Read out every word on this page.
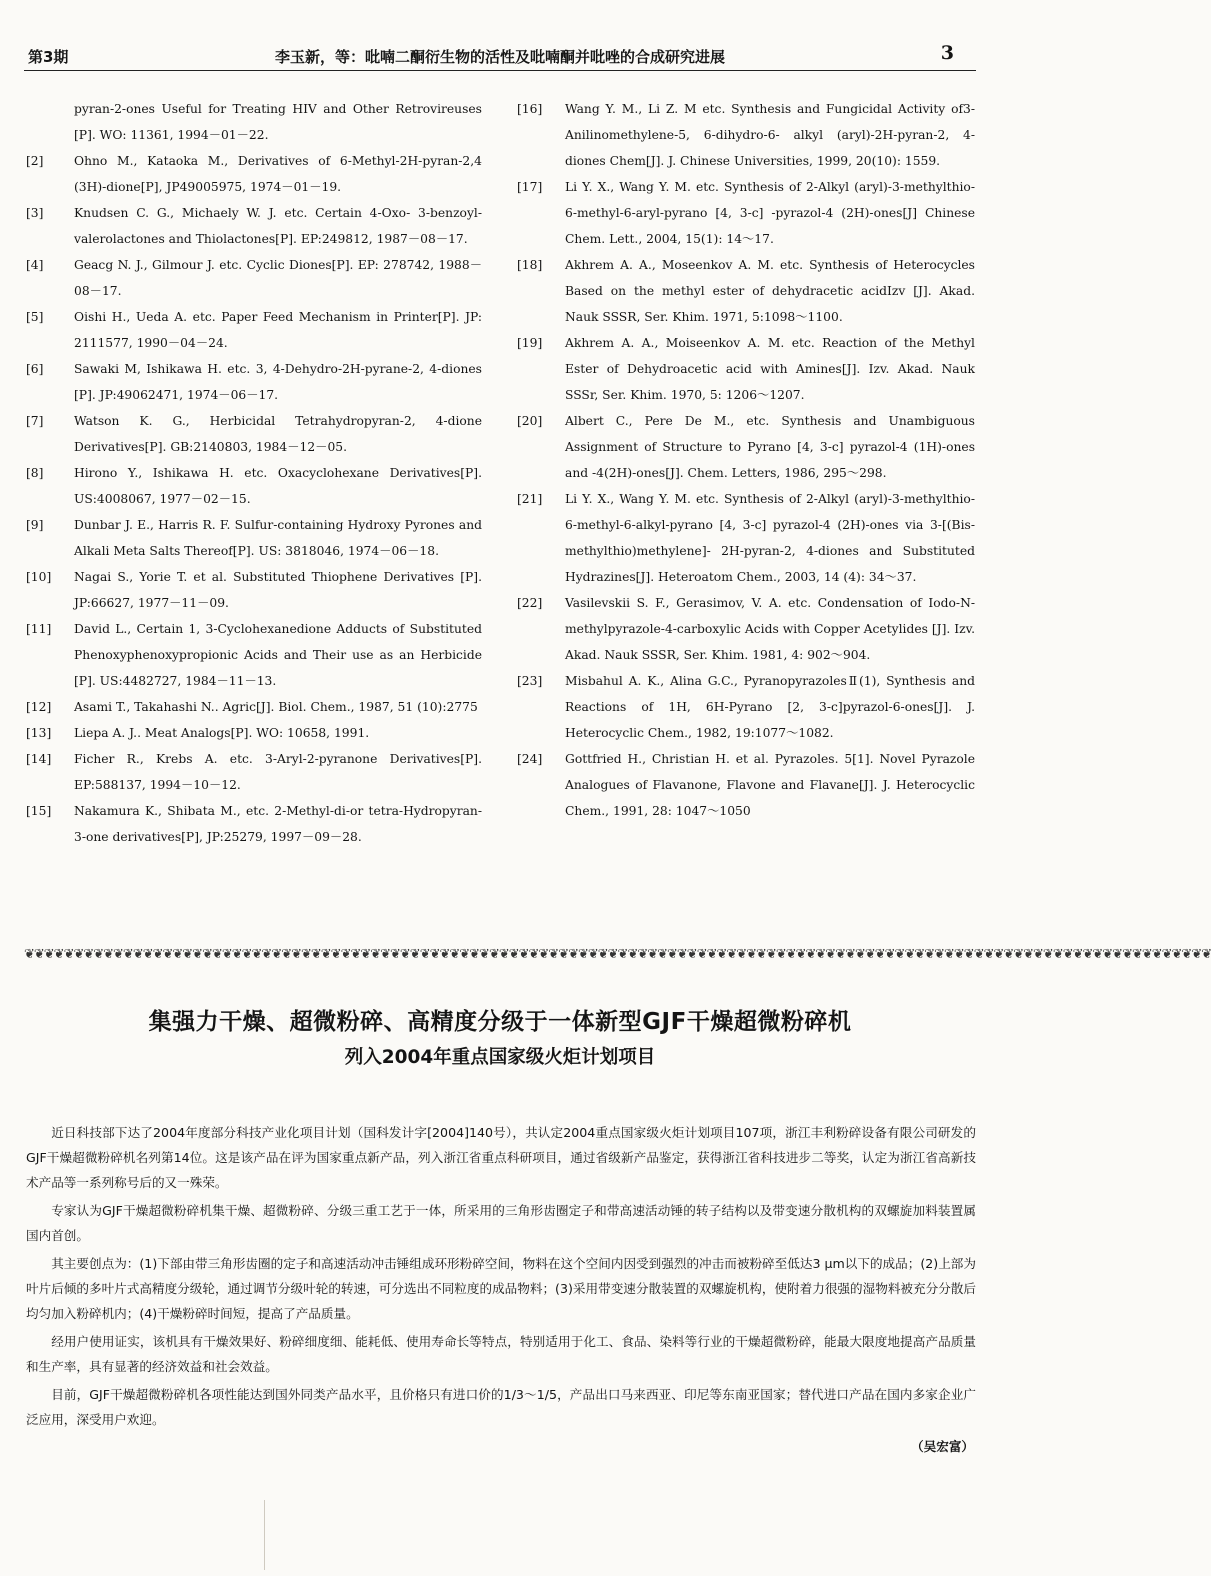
第3期	李玉新，等：吡喃二酮衍生物的活性及吡喃酮并吡唑的合成研究进展	3
pyran-2-ones Useful for Treating HIV and Other Retrovireuses [P]. WO: 11361, 1994－01－22.
[2] Ohno M., Kataoka M., Derivatives of 6-Methyl-2H-pyran-2,4 (3H)-dione[P], JP49005975, 1974－01－19.
[3] Knudsen C. G., Michaely W. J. etc. Certain 4-Oxo- 3-benzoyl-valerolactones and Thiolactones[P]. EP:249812, 1987－08－17.
[4] Geacg N. J., Gilmour J. etc. Cyclic Diones[P]. EP: 278742, 1988－08－17.
[5] Oishi H., Ueda A. etc. Paper Feed Mechanism in Printer[P]. JP: 2111577, 1990－04－24.
[6] Sawaki M, Ishikawa H. etc. 3, 4-Dehydro-2H-pyrane-2, 4-diones [P]. JP:49062471, 1974－06－17.
[7] Watson K. G., Herbicidal Tetrahydropyran-2, 4-dione Derivatives[P]. GB:2140803, 1984－12－05.
[8] Hirono Y., Ishikawa H. etc. Oxacyclohexane Derivatives[P]. US:4008067, 1977－02－15.
[9] Dunbar J. E., Harris R. F. Sulfur-containing Hydroxy Pyrones and Alkali Meta Salts Thereof[P]. US: 3818046, 1974－06－18.
[10] Nagai S., Yorie T. et al. Substituted Thiophene Derivatives [P]. JP:66627, 1977－11－09.
[11] David L., Certain 1, 3-Cyclohexanedione Adducts of Substituted Phenoxyphenoxypropionic Acids and Their use as an Herbicide [P]. US:4482727, 1984－11－13.
[12] Asami T., Takahashi N.. Agric[J]. Biol. Chem., 1987, 51 (10):2775
[13] Liepa A. J.. Meat Analogs[P]. WO: 10658, 1991.
[14] Ficher R., Krebs A. etc. 3-Aryl-2-pyranone Derivatives[P]. EP:588137, 1994－10－12.
[15] Nakamura K., Shibata M., etc. 2-Methyl-di-or tetra-Hydropyran-3-one derivatives[P], JP:25279, 1997－09－28.
[16] Wang Y. M., Li Z. M etc. Synthesis and Fungicidal Activity of3-Anilinomethylene-5, 6-dihydro-6- alkyl (aryl)-2H-pyran-2, 4-diones Chem[J]. J. Chinese Universities, 1999, 20(10): 1559.
[17] Li Y. X., Wang Y. M. etc. Synthesis of 2-Alkyl (aryl)-3-methylthio-6-methyl-6-aryl-pyrano [4, 3-c] -pyrazol-4 (2H)-ones[J] Chinese Chem. Lett., 2004, 15(1): 14～17.
[18] Akhrem A. A., Moseenkov A. M. etc. Synthesis of Heterocycles Based on the methyl ester of dehydracetic acidIzv [J]. Akad. Nauk SSSR, Ser. Khim. 1971, 5:1098～1100.
[19] Akhrem A. A., Moiseenkov A. M. etc. Reaction of the Methyl Ester of Dehydroacetic acid with Amines[J]. Izv. Akad. Nauk SSSr, Ser. Khim. 1970, 5: 1206～1207.
[20] Albert C., Pere De M., etc. Synthesis and Unambiguous Assignment of Structure to Pyrano [4, 3-c] pyrazol-4 (1H)-ones and -4(2H)-ones[J]. Chem. Letters, 1986, 295～298.
[21] Li Y. X., Wang Y. M. etc. Synthesis of 2-Alkyl (aryl)-3-methylthio-6-methyl-6-alkyl-pyrano [4, 3-c] pyrazol-4 (2H)-ones via 3-[(Bis-methylthio)methylene]- 2H-pyran-2, 4-diones and Substituted Hydrazines[J]. Heteroatom Chem., 2003, 14 (4): 34～37.
[22] Vasilevskii S. F., Gerasimov, V. A. etc. Condensation of Iodo-N-methylpyrazole-4-carboxylic Acids with Copper Acetylides [J]. Izv. Akad. Nauk SSSR, Ser. Khim. 1981, 4: 902～904.
[23] Misbahul A. K., Alina G.C., PyranopyrazolesⅡ(1), Synthesis and Reactions of 1H, 6H-Pyrano [2, 3-c]pyrazol-6-ones[J]. J. Heterocyclic Chem., 1982, 19:1077～1082.
[24] Gottfried H., Christian H. et al. Pyrazoles. 5[1]. Novel Pyrazole Analogues of Flavanone, Flavone and Flavane[J]. J. Heterocyclic Chem., 1991, 28: 1047～1050
❦❦❦❦❦❦❦❦❦❦❦❦❦❦❦❦❦❦❦❦❦❦❦❦❦❦❦❦❦❦❦❦❦❦❦❦❦❦❦❦❦❦❦❦❦❦❦❦❦❦❦❦❦❦❦❦❦❦❦❦❦❦❦❦❦❦❦❦❦❦❦❦❦❦❦❦❦❦❦❦❦❦❦❦❦❦❦❦❦❦❦❦❦❦❦❦❦❦❦❦❦❦❦❦❦❦❦❦❦❦❦❦❦❦❦❦❦❦❦❦
集强力干燥、超微粉碎、高精度分级于一体新型GJF干燥超微粉碎机
列入2004年重点国家级火炬计划项目

近日科技部下达了2004年度部分科技产业化项目计划（国科发计字[2004]140号），共认定2004重点国家级火炬计划项目107项，浙江丰利粉碎设备有限公司研发的GJF干燥超微粉碎机名列第14位。这是该产品在评为国家重点新产品，列入浙江省重点科研项目，通过省级新产品鉴定，获得浙江省科技进步二等奖，认定为浙江省高新技术产品等一系列称号后的又一殊荣。

专家认为GJF干燥超微粉碎机集干燥、超微粉碎、分级三重工艺于一体，所采用的三角形齿圈定子和带高速活动锤的转子结构以及带变速分散机构的双螺旋加料装置属国内首创。

其主要创点为：(1)下部由带三角形齿圈的定子和高速活动冲击锤组成环形粉碎空间，物料在这个空间内因受到强烈的冲击而被粉碎至低达3 μm以下的成品；(2)上部为叶片后倾的多叶片式高精度分级轮，通过调节分级叶轮的转速，可分选出不同粒度的成品物料；(3)采用带变速分散装置的双螺旋机构，使附着力很强的湿物料被充分分散后均匀加入粉碎机内；(4)干燥粉碎时间短，提高了产品质量。

经用户使用证实，该机具有干燥效果好、粉碎细度细、能耗低、使用寿命长等特点，特别适用于化工、食品、染料等行业的干燥超微粉碎，能最大限度地提高产品质量和生产率，具有显著的经济效益和社会效益。

目前，GJF干燥超微粉碎机各项性能达到国外同类产品水平，且价格只有进口价的1/3～1/5，产品出口马来西亚、印尼等东南亚国家；替代进口产品在国内多家企业广泛应用，深受用户欢迎。

（吴宏富）
